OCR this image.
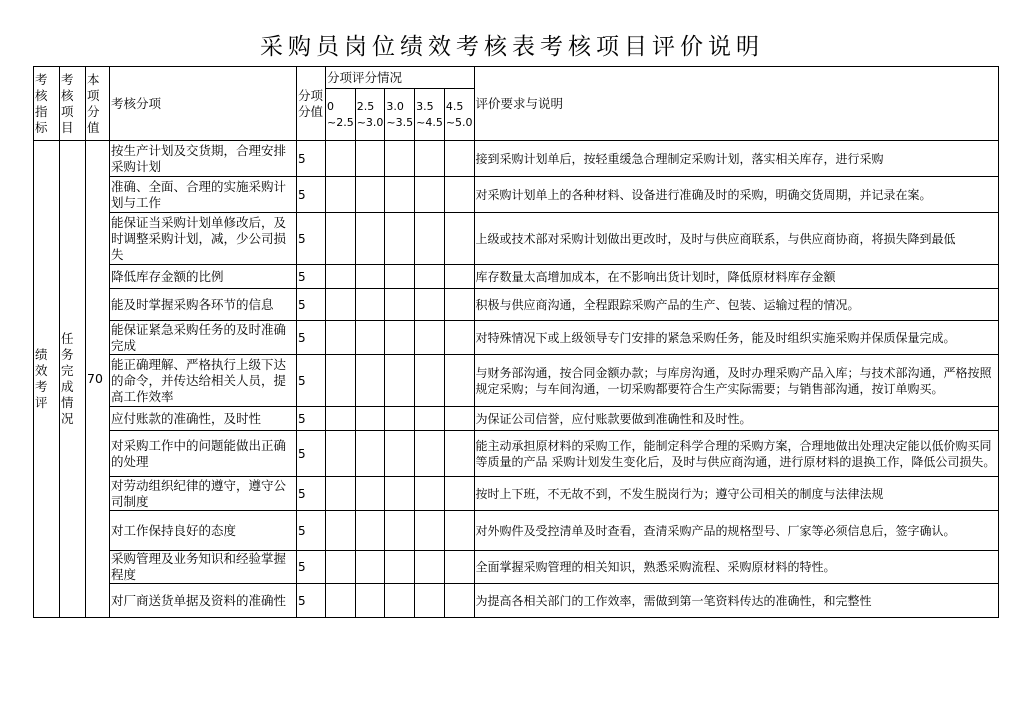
采购员岗位绩效考核表考核项目评价说明
考核指标	考核项目	本项分值	考核分项	分项分值	分项评分情况					评价要求与说明
					0 ~2.5	2.5 ~3.0	3.0 ~3.5	3.5 ~4.5	4.5 ~5.0	
绩效考评	任务完成情况	70	按生产计划及交货期，合理安排采购计划	5						接到采购计划单后，按轻重缓急合理制定采购计划，落实相关库存，进行采购
			准确、全面、合理的实施采购计划与工作	5						对采购计划单上的各种材料、设备进行准确及时的采购，明确交货周期，并记录在案。
			能保证当采购计划单修改后，及时调整采购计划，减，少公司损失	5						上级或技术部对采购计划做出更改时，及时与供应商联系，与供应商协商，将损失降到最低
			降低库存金额的比例	5						库存数量太高增加成本，在不影响出货计划时，降低原材料库存金额
			能及时掌握采购各环节的信息	5						积极与供应商沟通，全程跟踪采购产品的生产、包装、运输过程的情况。
			能保证紧急采购任务的及时准确完成	5						对特殊情况下或上级领导专门安排的紧急采购任务，能及时组织实施采购并保质保量完成。
			能正确理解、严格执行上级下达的命令，并传达给相关人员，提高工作效率	5						与财务部沟通，按合同金额办款；与库房沟通，及时办理采购产品入库；与技术部沟通，严格按照规定采购；与车间沟通，一切采购都要符合生产实际需要；与销售部沟通，按订单购买。
			应付账款的准确性，及时性	5						为保证公司信誉，应付账款要做到准确性和及时性。
			对采购工作中的问题能做出正确的处理	5						能主动承担原材料的采购工作，能制定科学合理的采购方案，合理地做出处理决定能以低价购买同等质量的产品 采购计划发生变化后，及时与供应商沟通，进行原材料的退换工作，降低公司损失。
			对劳动组织纪律的遵守，遵守公司制度	5						按时上下班，不无故不到，不发生脱岗行为；遵守公司相关的制度与法律法规
			对工作保持良好的态度	5						对外购件及受控清单及时查看，查清采购产品的规格型号、厂家等必须信息后，签字确认。
			采购管理及业务知识和经验掌握程度	5						全面掌握采购管理的相关知识，熟悉采购流程、采购原材料的特性。
			对厂商送货单据及资料的准确性	5						为提高各相关部门的工作效率，需做到第一笔资料传达的准确性，和完整性
